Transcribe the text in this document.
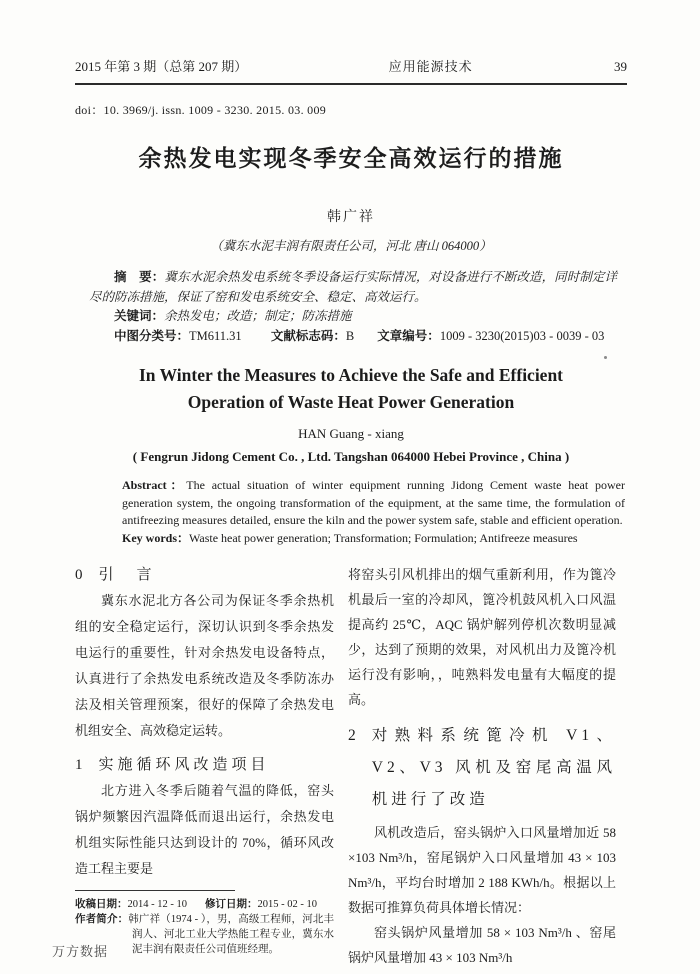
2015 年第 3 期（总第 207 期）	应用能源技术	39
doi：10. 3969/j. issn. 1009 - 3230. 2015. 03. 009
余热发电实现冬季安全高效运行的措施
韩广祥
（冀东水泥丰润有限责任公司，河北 唐山 064000）
摘　要：冀东水泥余热发电系统冬季设备运行实际情况，对设备进行不断改造，同时制定详尽的防冻措施，保证了窑和发电系统安全、稳定、高效运行。
关键词：余热发电；改造；制定；防冻措施
中图分类号：TM611.31 文献标志码：B 文章编号：1009 - 3230(2015)03 - 0039 - 03
In Winter the Measures to Achieve the Safe and Efficient Operation of Waste Heat Power Generation
HAN Guang - xiang
( Fengrun Jidong Cement Co. , Ltd. Tangshan 064000 Hebei Province , China )
Abstract：The actual situation of winter equipment running Jidong Cement waste heat power generation system, the ongoing transformation of the equipment, at the same time, the formulation of antifreezing measures detailed, ensure the kiln and the power system safe, stable and efficient operation.
Key words：Waste heat power generation; Transformation; Formulation; Antifreeze measures
0 引　言

冀东水泥北方各公司为保证冬季余热机组的安全稳定运行，深切认识到冬季余热发电运行的重要性，针对余热发电设备特点，认真进行了余热发电系统改造及冬季防冻办法及相关管理预案，很好的保障了余热发电机组安全、高效稳定运转。

1 实施循环风改造项目

北方进入冬季后随着气温的降低，窑头锅炉频繁因汽温降低而退出运行，余热发电机组实际性能只达到设计的 70%，循环风改造工程主要是

收稿日期：2014 - 12 - 10 修订日期：2015 - 02 - 10
作者简介：韩广祥（1974 - ），男，高级工程师，河北丰润人、河北工业大学热能工程专业，冀东水泥丰润有限责任公司值班经理。

将窑头引风机排出的烟气重新利用，作为篦冷机最后一室的冷却风，篦冷机鼓风机入口风温提高约 25℃，AQC 锅炉解列停机次数明显减少，达到了预期的效果，对风机出力及篦冷机运行没有影响，，吨熟料发电量有大幅度的提高。

2 对熟料系统篦冷机 V1、V2、V3 风机及窑尾高温风机进行了改造

风机改造后，窑头锅炉入口风量增加近 58 ×103 Nm³/h，窑尾锅炉入口风量增加 43 × 103 Nm³/h，平均台时增加 2 188 KWh/h。根据以上数据可推算负荷具体增长情况：

窑头锅炉风量增加 58 × 103 Nm³/h 、窑尾锅炉风量增加 43 × 103 Nm³/h

万方数据
